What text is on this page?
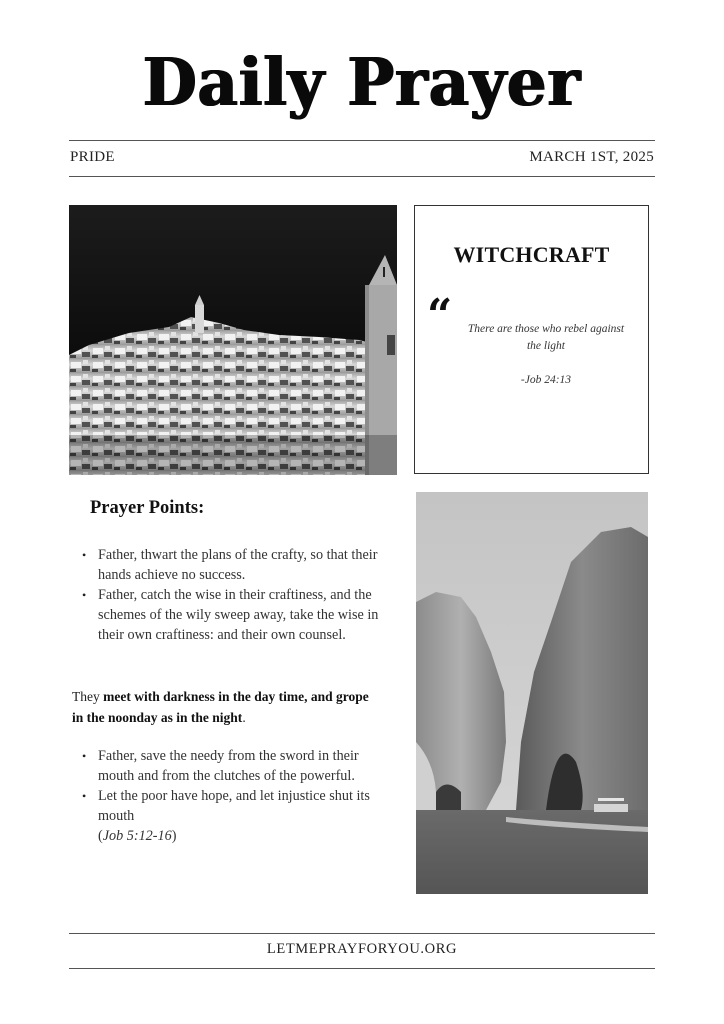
Daily Prayer
PRIDE	MARCH 1ST, 2025
WITCHCRAFT
“	There are those who rebel against the light
-Job 24:13
Prayer Points:
• Father, thwart the plans of the crafty, so that their hands achieve no success.
• Father, catch the wise in their craftiness, and the schemes of the wily sweep away, take the wise in their own craftiness: and their own counsel.
They meet with darkness in the day time, and grope in the noonday as in the night.
• Father, save the needy from the sword in their mouth and from the clutches of the powerful.
• Let the poor have hope, and let injustice shut its mouth
(Job 5:12-16)
LETMEPRAYFORYOU.ORG
